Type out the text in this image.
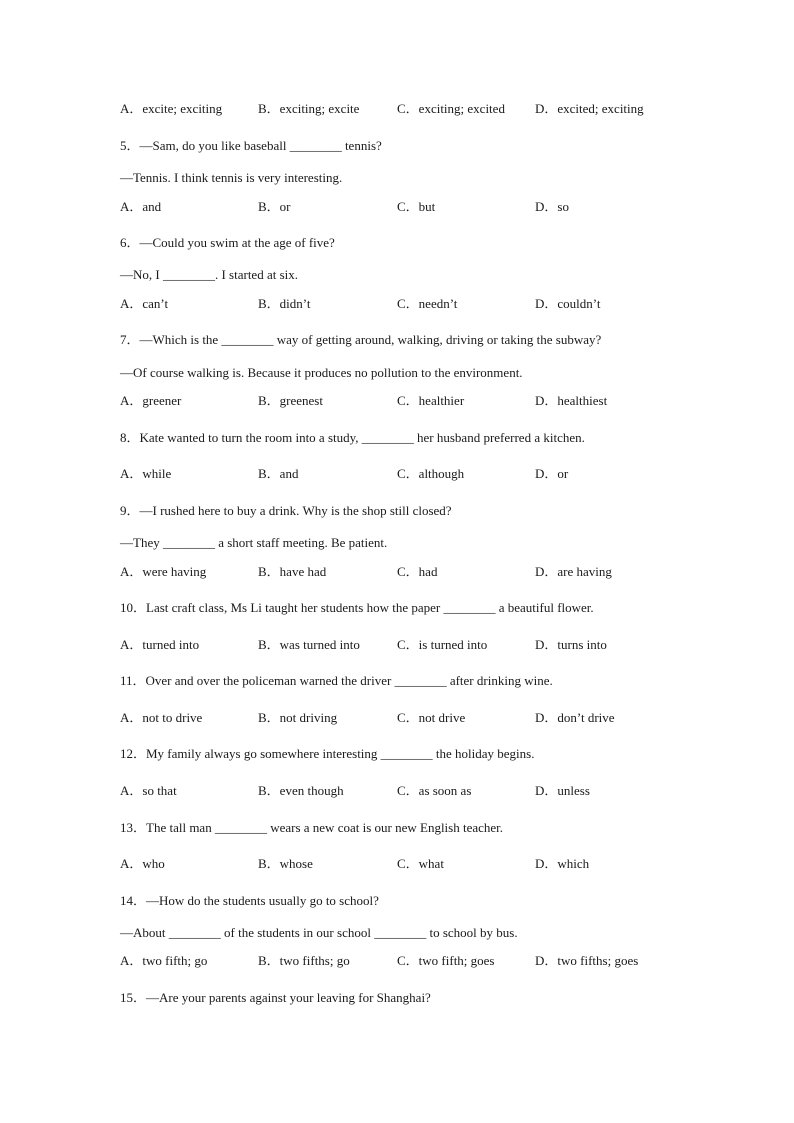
A．excite; exciting	B．exciting; excite	C．exciting; excited D．excited; exciting
5．—Sam, do you like baseball ________ tennis?
—Tennis. I think tennis is very interesting.
A．and	B．or	C．but	D．so
6．—Could you swim at the age of five?
—No, I ________. I started at six.
A．can’t	B．didn’t	C．needn’t	D．couldn’t
7．—Which is the ________ way of getting around, walking, driving or taking the subway?
—Of course walking is. Because it produces no pollution to the environment.
A．greener	B．greenest	C．healthier	D．healthiest
8．Kate wanted to turn the room into a study, ________ her husband preferred a kitchen.
A．while	B．and	C．although	D．or
9．—I rushed here to buy a drink. Why is the shop still closed?
—They ________ a short staff meeting. Be patient.
A．were having	B．have had	C．had	D．are having
10．Last craft class, Ms Li taught her students how the paper ________ a beautiful flower.
A．turned into	B．was turned into	C．is turned into	D．turns into
11．Over and over the policeman warned the driver ________ after drinking wine.
A．not to drive	B．not driving	C．not drive	D．don’t drive
12．My family always go somewhere interesting ________ the holiday begins.
A．so that	B．even though	C．as soon as	D．unless
13．The tall man ________ wears a new coat is our new English teacher.
A．who	B．whose	C．what	D．which
14．—How do the students usually go to school?
—About ________ of the students in our school ________ to school by bus.
A．two fifth; go	B．two fifths; go	C．two fifth; goes	D．two fifths; goes
15．—Are your parents against your leaving for Shanghai?
